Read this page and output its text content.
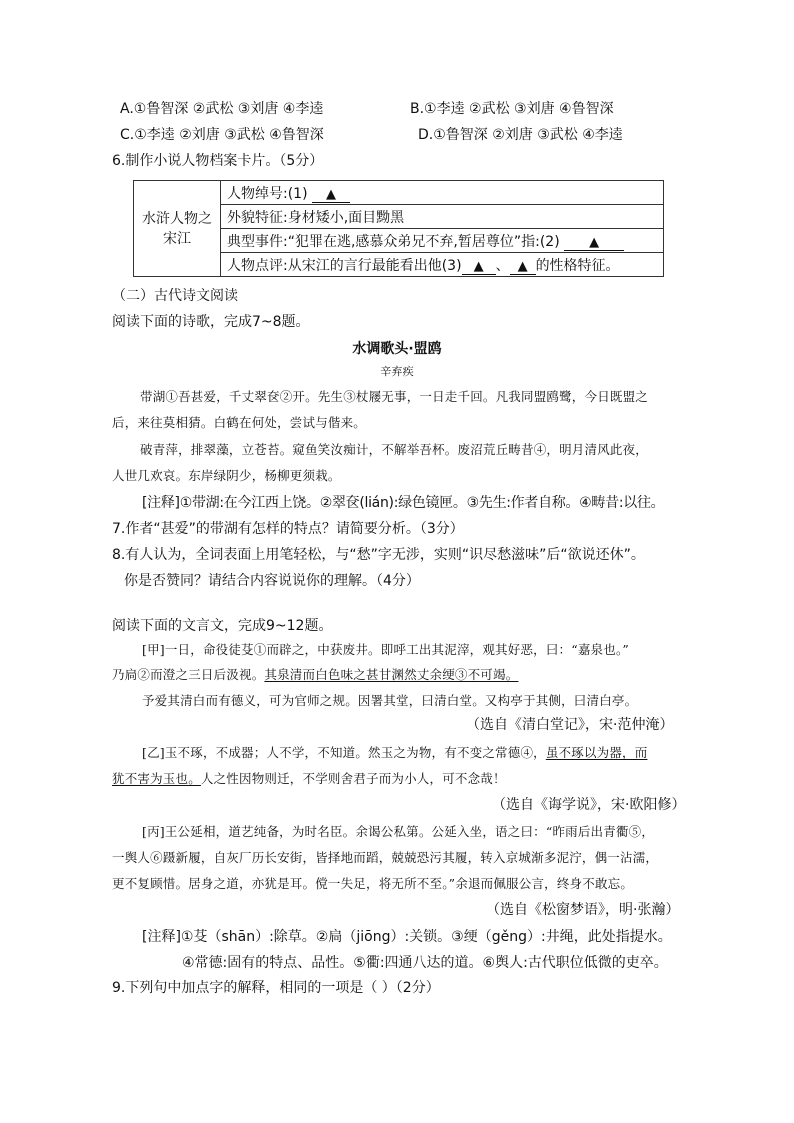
A.①鲁智深 ②武松 ③刘唐 ④李逵	B.①李逵 ②武松 ③刘唐 ④鲁智深
C.①李逵 ②刘唐 ③武松 ④鲁智深	D.①鲁智深 ②刘唐 ③武松 ④李逵
6.制作小说人物档案卡片。（5分）
水浒人物之宋江	人物绰号:(1) ▲
外貌特征:身材矮小,面目黝黑
典型事件:“犯罪在逃,感慕众弟兄不弃,暂居尊位”指:(2) ▲
人物点评:从宋江的言行最能看出他(3) ▲ 、 ▲ 的性格特征。
（二）古代诗文阅读
阅读下面的诗歌，完成7~8题。
水调歌头·盟鸥
辛弃疾
带湖①吾甚爱，千丈翠奁②开。先生③杖屦无事，一日走千回。凡我同盟鸥鹭，今日既盟之
后，来往莫相猜。白鹤在何处，尝试与偕来。
破青萍，排翠藻，立苍苔。窥鱼笑汝痴计，不解举吾杯。废沼荒丘畴昔④，明月清风此夜，
人世几欢哀。东岸绿阴少，杨柳更须栽。
[注释]①带湖:在今江西上饶。②翠奁(lián):绿色镜匣。③先生:作者自称。④畴昔:以往。
7.作者“甚爱”的带湖有怎样的特点？请简要分析。（3分）
8.有人认为，全词表面上用笔轻松，与“愁”字无涉，实则“识尽愁滋味”后“欲说还休”。
你是否赞同？请结合内容说说你的理解。（4分）
阅读下面的文言文，完成9~12题。
[甲]一日，命役徒芟①而辟之，中获废井。即呼工出其泥滓，观其好恶，曰：“嘉泉也。”
乃扃②而澄之三日后汲视。其泉清而白色味之甚甘渊然丈余绠③不可竭。
予爱其清白而有德义，可为官师之规。因署其堂，曰清白堂。又构亭于其侧，曰清白亭。
（选自《清白堂记》，宋·范仲淹）
[乙]玉不琢，不成器；人不学，不知道。然玉之为物，有不变之常德④，虽不琢以为器，而
犹不害为玉也。人之性因物则迁，不学则舍君子而为小人，可不念哉！
（选自《诲学说》，宋·欧阳修）
[丙]王公延相，道艺纯备，为时名臣。余谒公私第。公延入坐，语之曰：“昨雨后出青衢⑤，
一舆人⑥蹑新履，自灰厂历长安街，皆择地而蹈，兢兢恐污其履，转入京城渐多泥泞，偶一沾濡，
更不复顾惜。居身之道，亦犹是耳。傥一失足，将无所不至。”余退而佩服公言，终身不敢忘。
（选自《松窗梦语》，明·张瀚）
[注释]①芟（shān）:除草。②扃（jiōng）:关锁。③绠（gěng）:井绳，此处指提水。
④常德:固有的特点、品性。⑤衢:四通八达的道。⑥舆人:古代职位低微的吏卒。
9.下列句中加点字的解释，相同的一项是（ ）（2分）
